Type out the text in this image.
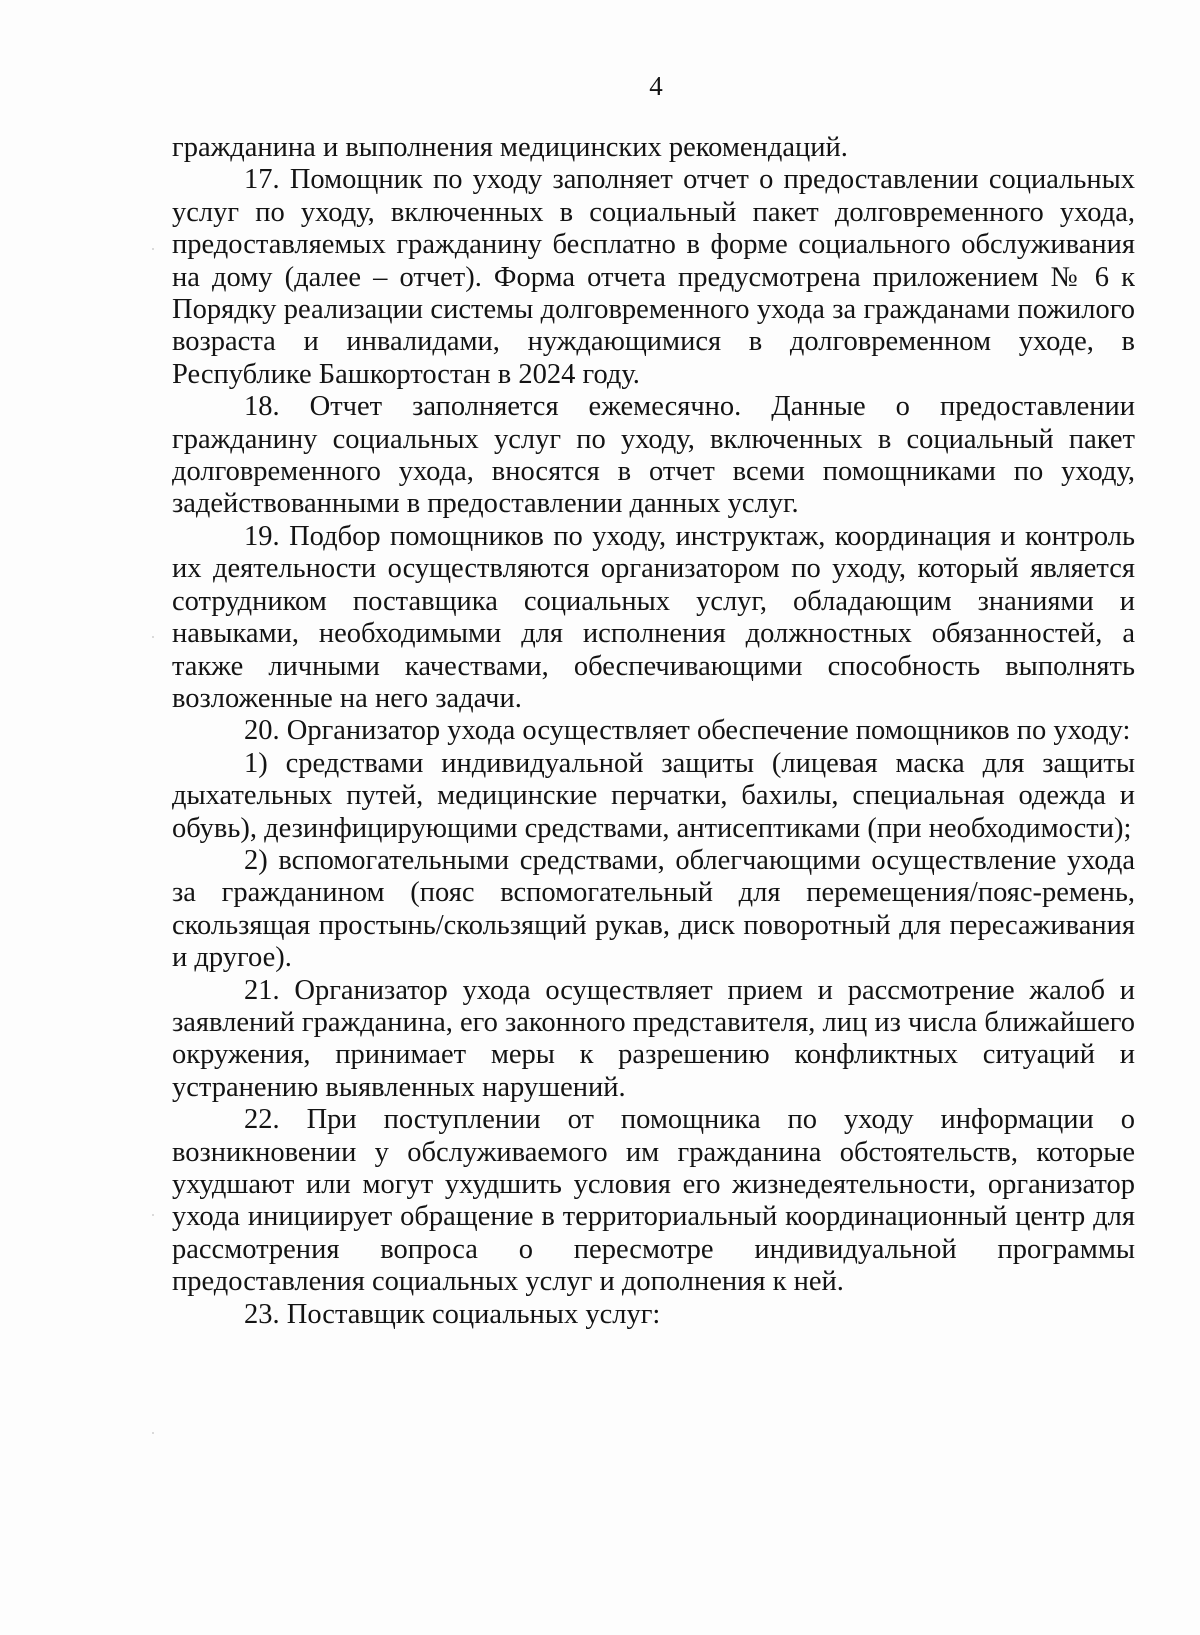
4

гражданина и выполнения медицинских рекомендаций.

17. Помощник по уходу заполняет отчет о предоставлении социальных услуг по уходу, включенных в социальный пакет долговременного ухода, предоставляемых гражданину бесплатно в форме социального обслуживания на дому (далее – отчет). Форма отчета предусмотрена приложением № 6 к Порядку реализации системы долговременного ухода за гражданами пожилого возраста и инвалидами, нуждающимися в долговременном уходе, в Республике Башкортостан в 2024 году.

18. Отчет заполняется ежемесячно. Данные о предоставлении гражданину социальных услуг по уходу, включенных в социальный пакет долговременного ухода, вносятся в отчет всеми помощниками по уходу, задействованными в предоставлении данных услуг.

19. Подбор помощников по уходу, инструктаж, координация и контроль их деятельности осуществляются организатором по уходу, который является сотрудником поставщика социальных услуг, обладающим знаниями и навыками, необходимыми для исполнения должностных обязанностей, а также личными качествами, обеспечивающими способность выполнять возложенные на него задачи.

20. Организатор ухода осуществляет обеспечение помощников по уходу:

1) средствами индивидуальной защиты (лицевая маска для защиты дыхательных путей, медицинские перчатки, бахилы, специальная одежда и обувь), дезинфицирующими средствами, антисептиками (при необходимости);

2) вспомогательными средствами, облегчающими осуществление ухода за гражданином (пояс вспомогательный для перемещения/пояс-ремень, скользящая простынь/скользящий рукав, диск поворотный для пересаживания и другое).

21. Организатор ухода осуществляет прием и рассмотрение жалоб и заявлений гражданина, его законного представителя, лиц из числа ближайшего окружения, принимает меры к разрешению конфликтных ситуаций и устранению выявленных нарушений.

22. При поступлении от помощника по уходу информации о возникновении у обслуживаемого им гражданина обстоятельств, которые ухудшают или могут ухудшить условия его жизнедеятельности, организатор ухода инициирует обращение в территориальный координационный центр для рассмотрения вопроса о пересмотре индивидуальной программы предоставления социальных услуг и дополнения к ней.

23. Поставщик социальных услуг:
